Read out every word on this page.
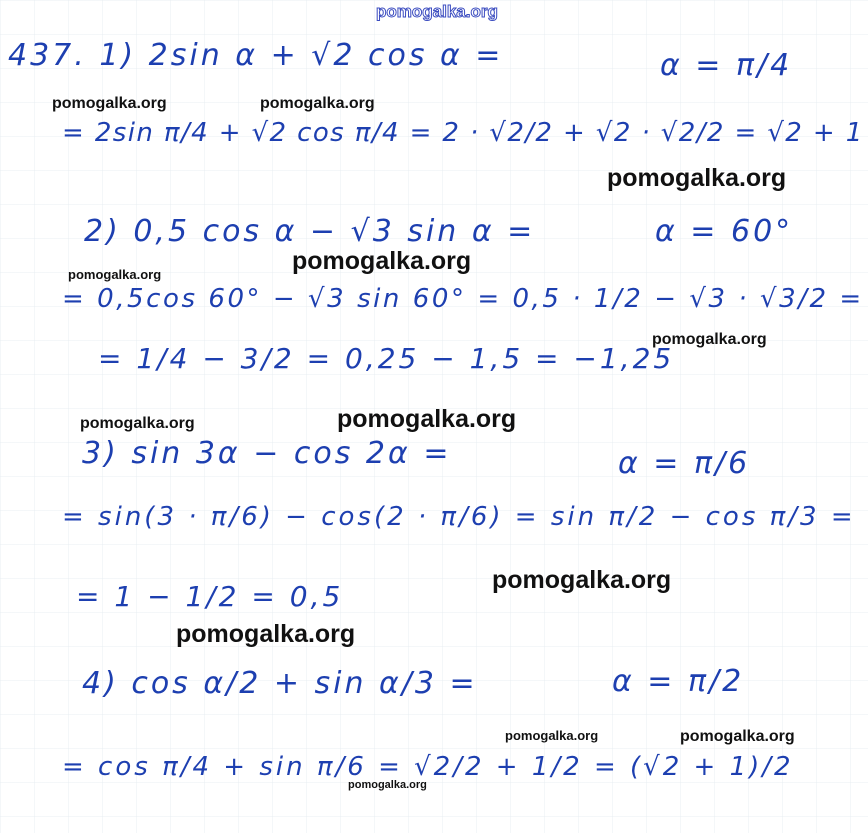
pomogalka.org
437. 1) 2sin α + √2 cos α =	α = π/4
= 2sin π/4 + √2 cos π/4 = 2 · √2/2 + √2 · √2/2 = √2 + 1
2) 0,5 cos α − √3 sin α =	α = 60°
= 0,5cos 60° − √3 sin 60° = 0,5 · 1/2 − √3 · √3/2 =
= 1/4 − 3/2 = 0,25 − 1,5 = −1,25
3) sin 3α − cos 2α =	α = π/6
= sin(3 · π/6) − cos(2 · π/6) = sin π/2 − cos π/3 =
= 1 − 1/2 = 0,5
4) cos α/2 + sin α/3 =	α = π/2
= cos π/4 + sin π/6 = √2/2 + 1/2 = (√2 + 1)/2
pomogalka.org	pomogalka.org
pomogalka.org
pomogalka.org
pomogalka.org
pomogalka.org
pomogalka.org	pomogalka.org
pomogalka.org
pomogalka.org
pomogalka.org	pomogalka.org
pomogalka.org
